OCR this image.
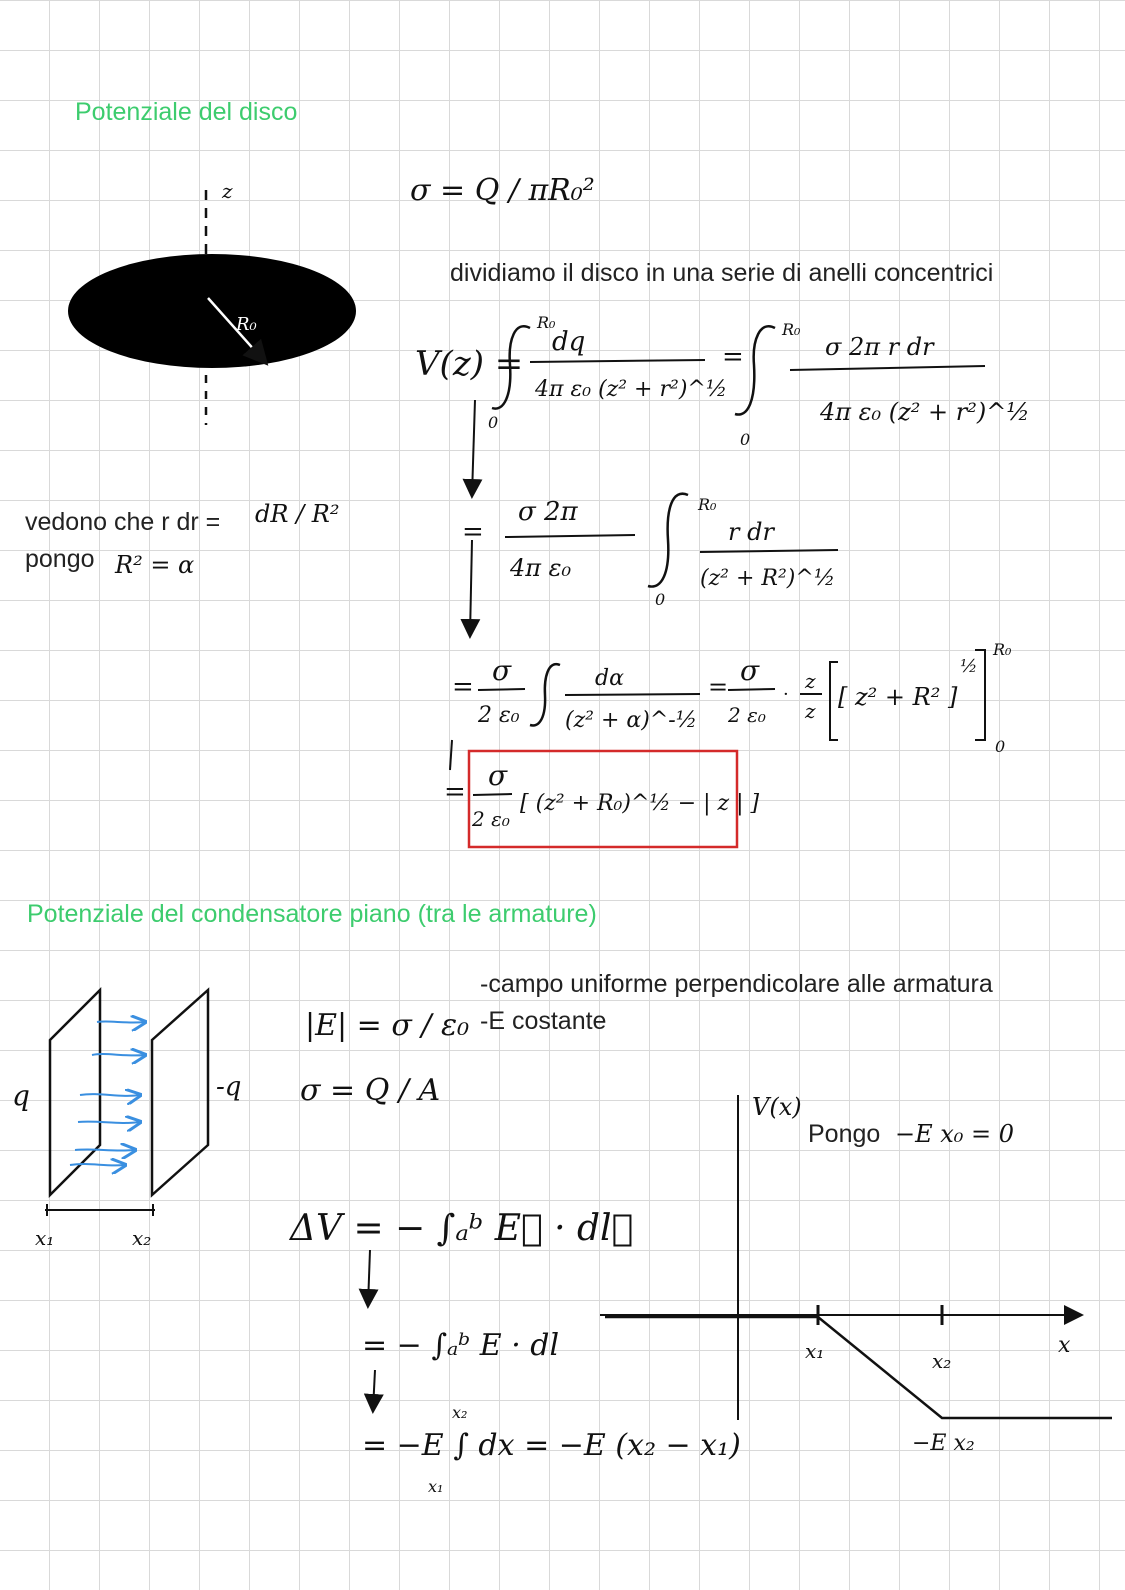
Potenziale del disco
dividiamo il disco in una serie di anelli concentrici
vedono che r dr =
pongo
Potenziale del condensatore piano (tra le armature)
-campo uniforme perpendicolare alle armatura
-E costante
Pongo
z
R₀
σ = Q / πR₀²
dR / R²
R² = α
V(z) =
R₀
0
dq
4π ε₀ (z² + r²)^½
=
R₀
0
σ 2π r dr
4π ε₀ (z² + r²)^½
=
σ 2π
4π ε₀
R₀
0
r dr
(z² + R²)^½
= σ
2 ε₀
dα
(z² + α)^-½
= σ
2 ε₀
·
z
z [ z² + R² ]
½
R₀
0
= σ
2 ε₀
[ (z² + R₀)^½ − | z | ]
q	-q
x₁	x₂
|E| = σ / ε₀
σ = Q / A
ΔV = − ∫ₐᵇ E⃗ · dl⃗
= − ∫ₐᵇ E · dl
x₂
x₁
= −E ∫ dx = −E (x₂ − x₁)
V(x)
−E x₀ = 0
x
x₁	x₂
−E x₂
